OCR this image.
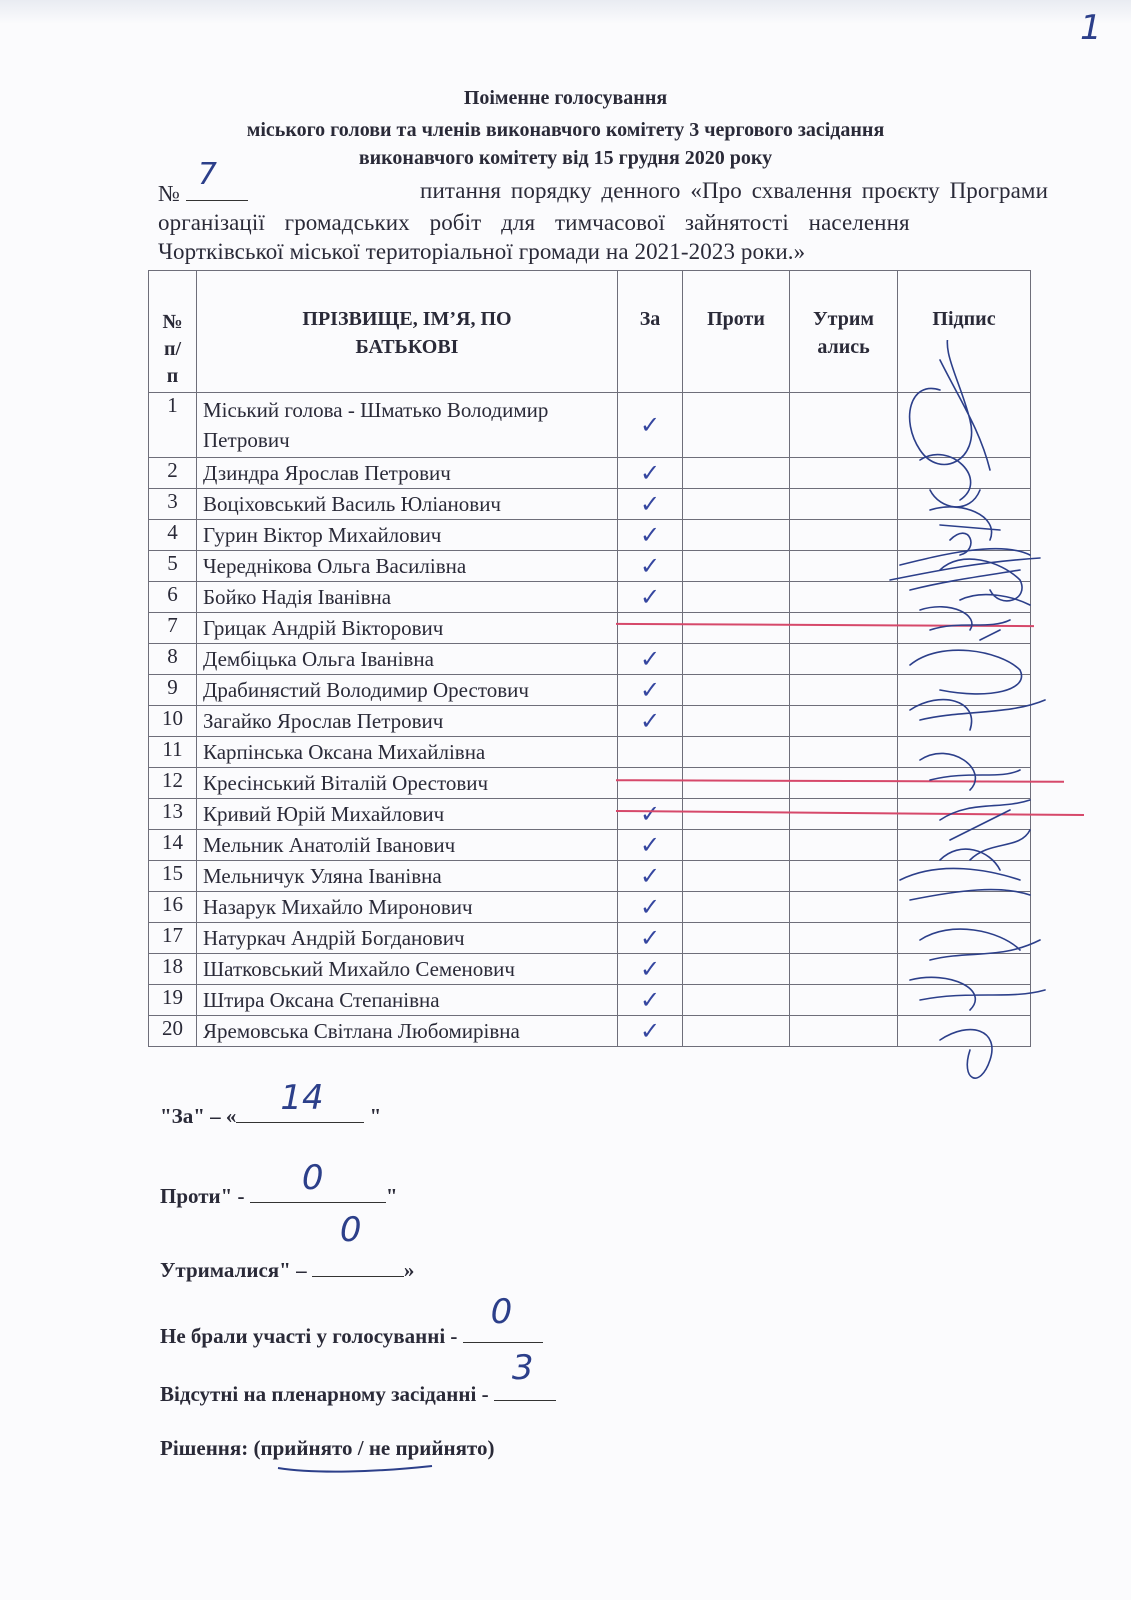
1
Поіменне голосування
міського голови та членів виконавчого комітету 3 чергового засідання
виконавчого комітету від 15 грудня 2020 року
№
7	питання порядку денного «Про схвалення проєкту Програми
організації громадських робіт для тимчасової зайнятості населення
Чортківської міської територіальної громади на 2021-2023 роки.»
№ п/ п	ПРІЗВИЩЕ, ІМ’Я, ПО БАТЬКОВІ	За	Проти	Утрим ались	Підпис
1	Міський голова - Шматько Володимир Петрович	✓			
2	Дзиндра Ярослав Петрович	✓			
3	Воціховський Василь Юліанович	✓			
4	Гурин Віктор Михайлович	✓			
5	Череднікова Ольга Василівна	✓			
6	Бойко Надія Іванівна	✓			
7	Грицак Андрій Вікторович				
8	Дембіцька Ольга Іванівна	✓			
9	Драбинястий Володимир Орестович	✓			
10	Загайко Ярослав Петрович	✓			
11	Карпінська Оксана Михайлівна				
12	Кресінський Віталій Орестович				
13	Кривий Юрій Михайлович	✓			
14	Мельник Анатолій Іванович	✓			
15	Мельничук Уляна Іванівна	✓			
16	Назарук Михайло Миронович	✓			
17	Натуркач Андрій Богданович	✓			
18	Шатковський Михайло Семенович	✓			
19	Штира Оксана Степанівна	✓			
20	Яремовська Світлана Любомирівна	✓			
"За" – « 14 "
Проти" - 0	"
Утрималися" –
0
»
Не брали участі у голосуванні -
0
Відсутні на пленарному засіданні -
3
Рішення: (прийнято / не прийнято)
